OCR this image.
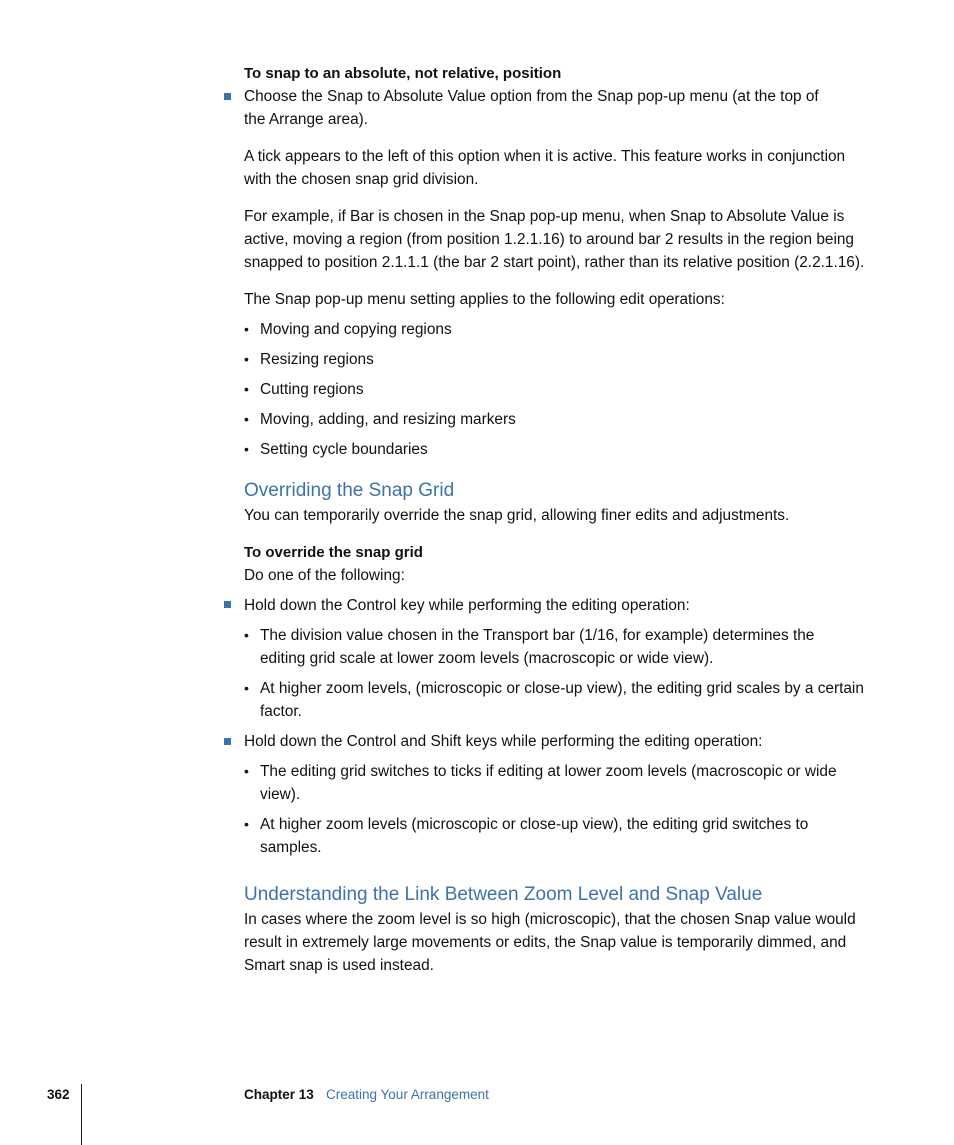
To snap to an absolute, not relative, position
Choose the Snap to Absolute Value option from the Snap pop-up menu (at the top of
the Arrange area).
A tick appears to the left of this option when it is active. This feature works in conjunction
with the chosen snap grid division.
For example, if Bar is chosen in the Snap pop-up menu, when Snap to Absolute Value is
active, moving a region (from position 1.2.1.16) to around bar 2 results in the region being
snapped to position 2.1.1.1 (the bar 2 start point), rather than its relative position (2.2.1.16).
The Snap pop-up menu setting applies to the following edit operations:
• Moving and copying regions
• Resizing regions
• Cutting regions
• Moving, adding, and resizing markers
• Setting cycle boundaries
Overriding the Snap Grid
You can temporarily override the snap grid, allowing finer edits and adjustments.
To override the snap grid
Do one of the following:
Hold down the Control key while performing the editing operation:
• The division value chosen in the Transport bar (1/16, for example) determines the
editing grid scale at lower zoom levels (macroscopic or wide view).
• At higher zoom levels, (microscopic or close-up view), the editing grid scales by a certain
factor.
Hold down the Control and Shift keys while performing the editing operation:
• The editing grid switches to ticks if editing at lower zoom levels (macroscopic or wide
view).
• At higher zoom levels (microscopic or close-up view), the editing grid switches to
samples.
Understanding the Link Between Zoom Level and Snap Value
In cases where the zoom level is so high (microscopic), that the chosen Snap value would
result in extremely large movements or edits, the Snap value is temporarily dimmed, and
Smart snap is used instead.
362	Chapter 13 Creating Your Arrangement
